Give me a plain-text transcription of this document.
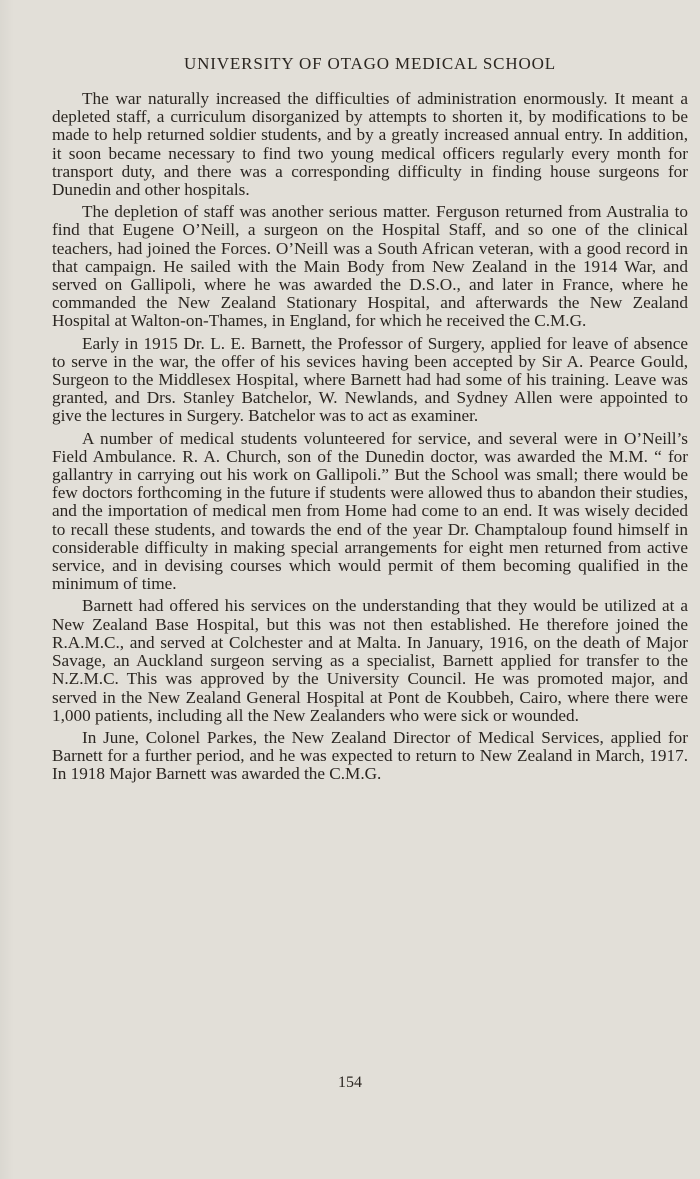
UNIVERSITY OF OTAGO MEDICAL SCHOOL

The war naturally increased the difficulties of administration enormously. It meant a depleted staff, a curriculum disorganized by attempts to shorten it, by modifications to be made to help returned soldier students, and by a greatly increased annual entry. In addition, it soon became necessary to find two young medical officers regularly every month for transport duty, and there was a corresponding difficulty in finding house surgeons for Dunedin and other hospitals.

The depletion of staff was another serious matter. Ferguson returned from Australia to find that Eugene O’Neill, a surgeon on the Hospital Staff, and so one of the clinical teachers, had joined the Forces. O’Neill was a South African veteran, with a good record in that campaign. He sailed with the Main Body from New Zealand in the 1914 War, and served on Gallipoli, where he was awarded the D.S.O., and later in France, where he commanded the New Zealand Stationary Hospital, and afterwards the New Zealand Hospital at Walton-on-Thames, in England, for which he received the C.M.G.

Early in 1915 Dr. L. E. Barnett, the Professor of Surgery, applied for leave of absence to serve in the war, the offer of his sevices having been accepted by Sir A. Pearce Gould, Surgeon to the Middlesex Hospital, where Barnett had had some of his training. Leave was granted, and Drs. Stanley Batchelor, W. Newlands, and Sydney Allen were appointed to give the lectures in Surgery. Batchelor was to act as examiner.

A number of medical students volunteered for service, and several were in O’Neill’s Field Ambulance. R. A. Church, son of the Dunedin doctor, was awarded the M.M. “ for gallantry in carrying out his work on Gallipoli.” But the School was small; there would be few doctors forthcoming in the future if students were allowed thus to abandon their studies, and the importation of medical men from Home had come to an end. It was wisely decided to recall these students, and towards the end of the year Dr. Champtaloup found himself in considerable difficulty in making special arrangements for eight men returned from active service, and in devising courses which would permit of them becoming qualified in the minimum of time.

Barnett had offered his services on the understanding that they would be utilized at a New Zealand Base Hospital, but this was not then established. He therefore joined the R.A.M.C., and served at Colchester and at Malta. In January, 1916, on the death of Major Savage, an Auckland surgeon serving as a specialist, Barnett applied for transfer to the N.Z.M.C. This was approved by the University Council. He was promoted major, and served in the New Zealand General Hospital at Pont de Koubbeh, Cairo, where there were 1,000 patients, including all the New Zealanders who were sick or wounded.

In June, Colonel Parkes, the New Zealand Director of Medical Services, applied for Barnett for a further period, and he was expected to return to New Zealand in March, 1917. In 1918 Major Barnett was awarded the C.M.G.

154
